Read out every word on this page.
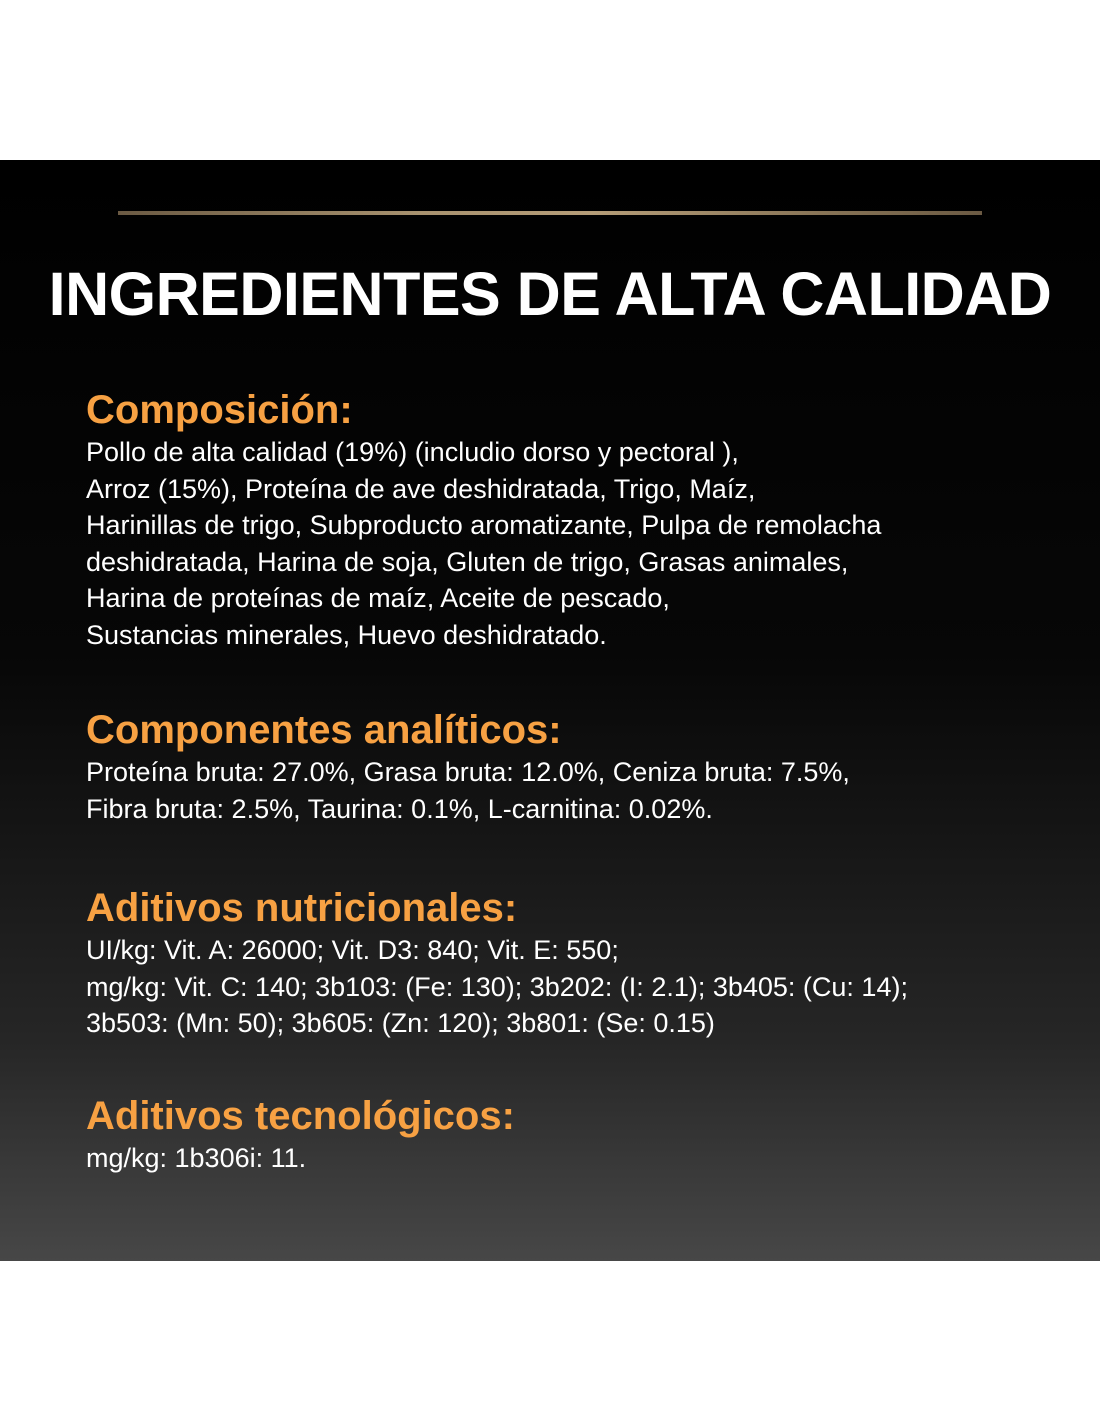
INGREDIENTES DE ALTA CALIDAD
Composición:
Pollo de alta calidad (19%) (includio dorso y pectoral ),
Arroz (15%), Proteína de ave deshidratada, Trigo, Maíz,
Harinillas de trigo, Subproducto aromatizante, Pulpa de remolacha
deshidratada, Harina de soja, Gluten de trigo, Grasas animales,
Harina de proteínas de maíz, Aceite de pescado,
Sustancias minerales, Huevo deshidratado.
Componentes analíticos:
Proteína bruta: 27.0%, Grasa bruta: 12.0%, Ceniza bruta: 7.5%,
Fibra bruta: 2.5%, Taurina: 0.1%, L-carnitina: 0.02%.
Aditivos nutricionales:
UI/kg: Vit. A: 26000; Vit. D3: 840; Vit. E: 550;
mg/kg: Vit. C: 140; 3b103: (Fe: 130); 3b202: (I: 2.1); 3b405: (Cu: 14);
3b503: (Mn: 50); 3b605: (Zn: 120); 3b801: (Se: 0.15)
Aditivos tecnológicos:
mg/kg: 1b306i: 11.
